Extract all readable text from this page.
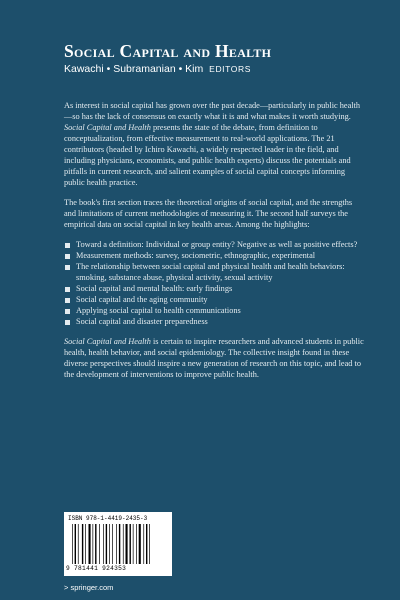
Social Capital and Health
Kawachi • Subramanian • Kim EDITORS

As interest in social capital has grown over the past decade—particularly in public health —so has the lack of consensus on exactly what it is and what makes it worth studying. Social Capital and Health presents the state of the debate, from definition to conceptualization, from effective measurement to real-world applications. The 21 contributors (headed by Ichiro Kawachi, a widely respected leader in the field, and including physicians, economists, and public health experts) discuss the potentials and pitfalls in current research, and salient examples of social capital concepts informing public health practice.

The book's first section traces the theoretical origins of social capital, and the strengths and limitations of current methodologies of measuring it. The second half surveys the empirical data on social capital in key health areas. Among the highlights:

Toward a definition: Individual or group entity? Negative as well as positive effects?
Measurement methods: survey, sociometric, ethnographic, experimental
The relationship between social capital and physical health and health behaviors: smoking, substance abuse, physical activity, sexual activity
Social capital and mental health: early findings
Social capital and the aging community
Applying social capital to health communications
Social capital and disaster preparedness

Social Capital and Health is certain to inspire researchers and advanced students in public health, health behavior, and social epidemiology. The collective insight found in these diverse perspectives should inspire a new generation of research on this topic, and lead to the development of interventions to improve public health.

ISBN 978-1-4419-2435-3
9 781441 924353
> springer.com
